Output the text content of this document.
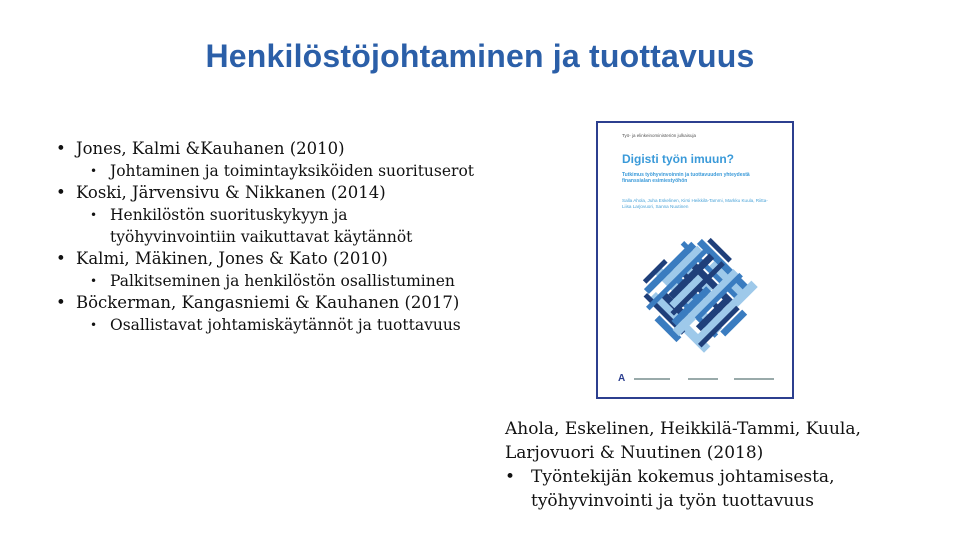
Henkilöstöjohtaminen ja tuottavuus
• Jones, Kalmi &Kauhanen (2010)
• Johtaminen ja toimintayksiköiden suorituserot
• Koski, Järvensivu & Nikkanen (2014)
• Henkilöstön suorituskykyyn ja työhyvinvointiin vaikuttavat käytännöt
• Kalmi, Mäkinen, Jones & Kato (2010)
• Palkitseminen ja henkilöstön osallistuminen
• Böckerman, Kangasniemi & Kauhanen (2017)
• Osallistavat johtamiskäytännöt ja tuottavuus
Työ- ja elinkeinoministeriön julkaisuja
Digisti työn imuun?
Tutkimus työhyvinvoinnin ja tuottavuuden yhteydestä finanssialan esimiestyöhön
Salla Ahola, Juha Eskelinen, Kirsi Heikkilä-Tammi, Markku Kuula, Riitta-Liisa Larjovuori, Sanna Nuutinen
A
Ahola, Eskelinen, Heikkilä-Tammi, Kuula, Larjovuori & Nuutinen (2018)
• Työntekijän kokemus johtamisesta, työhyvinvointi ja työn tuottavuus
